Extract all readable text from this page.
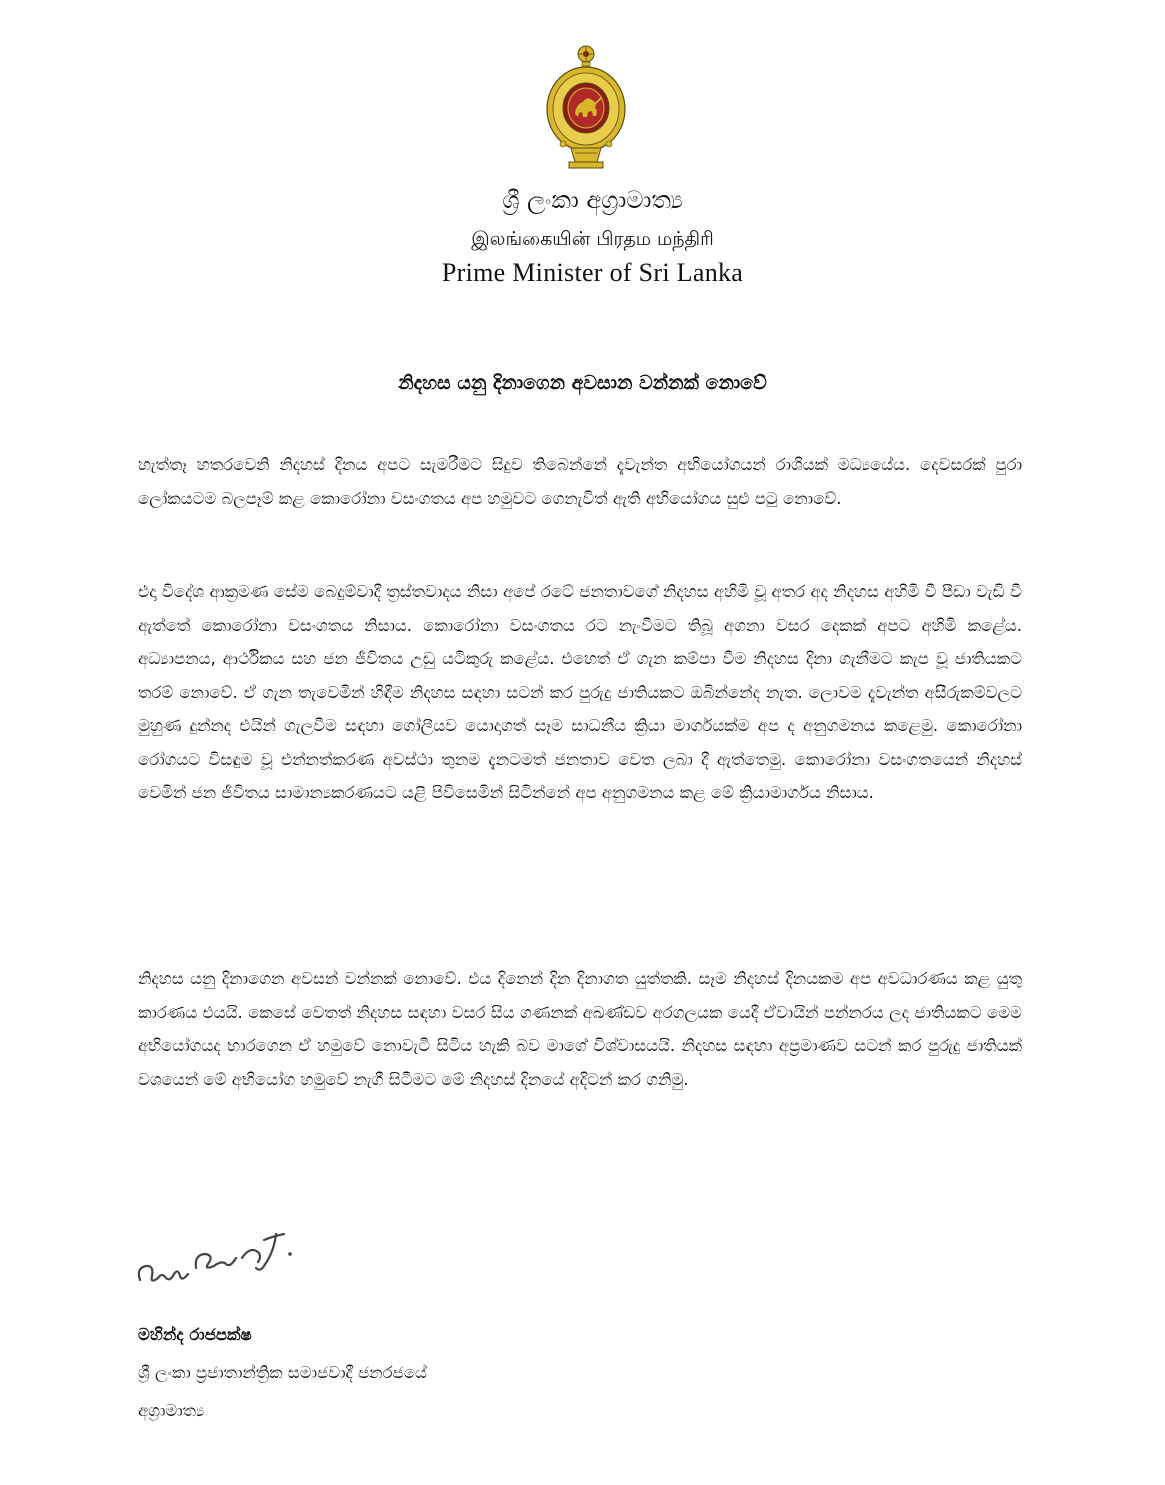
ශ්‍රී ලංකා අග්‍රාමාත්‍ය
இலங்கையின் பிரதம மந்திரி
Prime Minister of Sri Lanka
නිදහස යනු දිනාගෙන අවසාන වන්නක් නොවේ

හැත්තෑ හතරවෙනි නිදහස් දිනය අපට සැමරීමට සිදුව තිබෙන්නේ දැවැන්ත අභියෝගයන් රාශියක් මධ්‍යයේය. දෙවසරක් පුරා ලෝකයටම බලපෑම් කළ කොරෝනා වසංගතය අප හමුවට ගෙනැවිත් ඇති අභියෝගය සුළු පටු නොවේ.

එදා විදේශ ආක්‍රමණ සේම බෙදුම්වාදී ත්‍රස්තවාදය නිසා අපේ රටේ ජනතාවගේ නිදහස අහිමි වූ අතර අද නිදහස අහිමි වී පීඩා වැඩි වී ඇත්තේ කොරෝනා වසංගතය නිසාය. කොරෝනා වසංගතය රට නැංවීමට තිබූ අගනා වසර දෙකක් අපට අහිමි කළේය. අධ්‍යාපනය, ආර්ථිකය සහ ජන ජීවිතය උඩු යටිකුරු කළේය. එහෙත් ඒ ගැන කම්පා වීම නිදහස දිනා ගැනීමට කැප වූ ජාතියකට තරම් නොවේ. ඒ ගැන තැවෙමින් හිඳීම නිදහස සඳහා සටන් කර පුරුදු ජාතියකට ඔබින්නේද නැත. ලොවම දැවැන්ත අසීරුකම්වලට මුහුණ දුන්නද එයින් ගැලවීම සඳහා ගෝලීයව යොදාගත් සෑම සාධනීය ක්‍රියා මාර්ගයක්ම අප ද අනුගමනය කළෙමු. කොරෝනා රෝගයට විසඳුම වූ එන්නත්කරණ අවස්ථා තුනම දැනටමත් ජනතාව වෙත ලබා දී ඇත්තෙමු. කොරෝනා වසංගතයෙන් නිදහස් වෙමින් ජන ජීවිතය සාමාන්‍යකරණයට යළි පිවිසෙමින් සිටින්නේ අප අනුගමනය කළ මේ ක්‍රියාමාර්ගය නිසාය.

නිදහස යනු දිනාගෙන අවසන් වන්නක් නොවේ. එය දිනෙන් දින දිනාගත යුත්තකි. සෑම නිදහස් දිනයකම අප අවධාරණය කළ යුතු කාරණය එයයි. කෙසේ වෙතත් නිදහස සඳහා වසර සිය ගණනක් අඛණ්ඩව අරගලයක යෙදී ඒවායින් පන්නරය ලද ජාතියකට මෙම අභියෝගයද භාරගෙන ඒ හමුවේ නොවැටී සිටිය හැකි බව මාගේ විශ්වාසයයි. නිදහස සඳහා අප්‍රමාණව සටන් කර පුරුදු ජාතියක් වශයෙන් මේ අභියෝග හමුවේ නැගී සිටීමට මේ නිදහස් දිනයේ අදිටන් කර ගනිමු.

මහින්ද රාජපක්ෂ
ශ්‍රී ලංකා ප්‍රජාතාන්ත්‍රික සමාජවාදී ජනරජයේ
අග්‍රාමාත්‍ය
